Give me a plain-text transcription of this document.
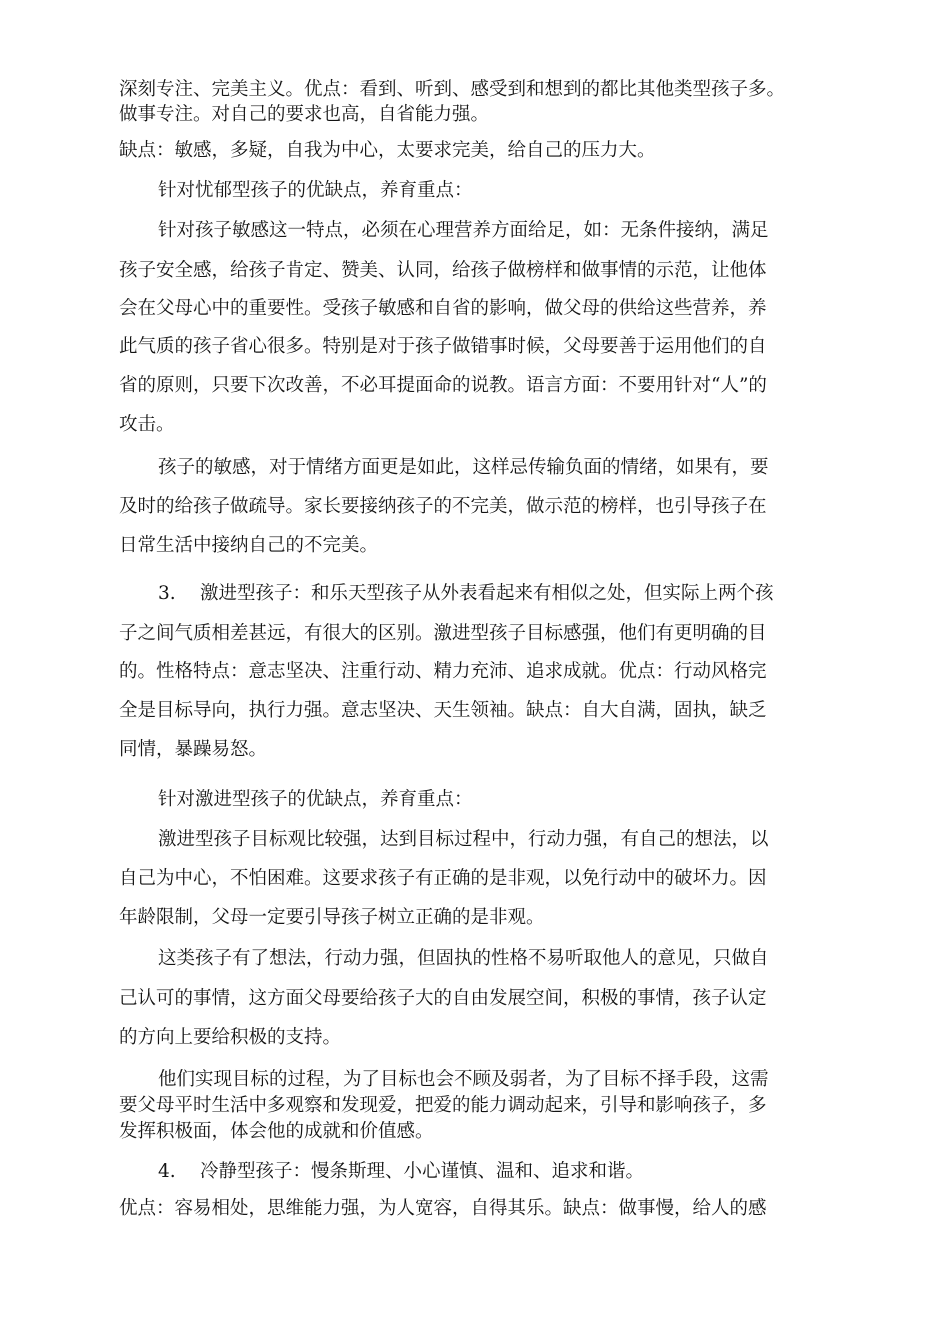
深刻专注、完美主义。优点：看到、听到、感受到和想到的都比其他类型孩子多。
做事专注。对自己的要求也高，自省能力强。
缺点：敏感，多疑，自我为中心，太要求完美，给自己的压力大。
针对忧郁型孩子的优缺点，养育重点：
针对孩子敏感这一特点，必须在心理营养方面给足，如：无条件接纳，满足
孩子安全感，给孩子肯定、赞美、认同，给孩子做榜样和做事情的示范，让他体
会在父母心中的重要性。受孩子敏感和自省的影响，做父母的供给这些营养，养
此气质的孩子省心很多。特别是对于孩子做错事时候，父母要善于运用他们的自
省的原则，只要下次改善，不必耳提面命的说教。语言方面：不要用针对“人”的
攻击。
孩子的敏感，对于情绪方面更是如此，这样忌传输负面的情绪，如果有，要
及时的给孩子做疏导。家长要接纳孩子的不完美，做示范的榜样，也引导孩子在
日常生活中接纳自己的不完美。
3. 激进型孩子：和乐天型孩子从外表看起来有相似之处，但实际上两个孩
子之间气质相差甚远，有很大的区别。激进型孩子目标感强，他们有更明确的目
的。性格特点：意志坚决、注重行动、精力充沛、追求成就。优点：行动风格完
全是目标导向，执行力强。意志坚决、天生领袖。缺点：自大自满，固执，缺乏
同情，暴躁易怒。
针对激进型孩子的优缺点，养育重点：
激进型孩子目标观比较强，达到目标过程中，行动力强，有自己的想法，以
自己为中心，不怕困难。这要求孩子有正确的是非观，以免行动中的破坏力。因
年龄限制，父母一定要引导孩子树立正确的是非观。
这类孩子有了想法，行动力强，但固执的性格不易听取他人的意见，只做自
己认可的事情，这方面父母要给孩子大的自由发展空间，积极的事情，孩子认定
的方向上要给积极的支持。
他们实现目标的过程，为了目标也会不顾及弱者，为了目标不择手段，这需
要父母平时生活中多观察和发现爱，把爱的能力调动起来，引导和影响孩子，多
发挥积极面，体会他的成就和价值感。
4. 冷静型孩子：慢条斯理、小心谨慎、温和、追求和谐。
优点：容易相处，思维能力强，为人宽容，自得其乐。缺点：做事慢，给人的感
